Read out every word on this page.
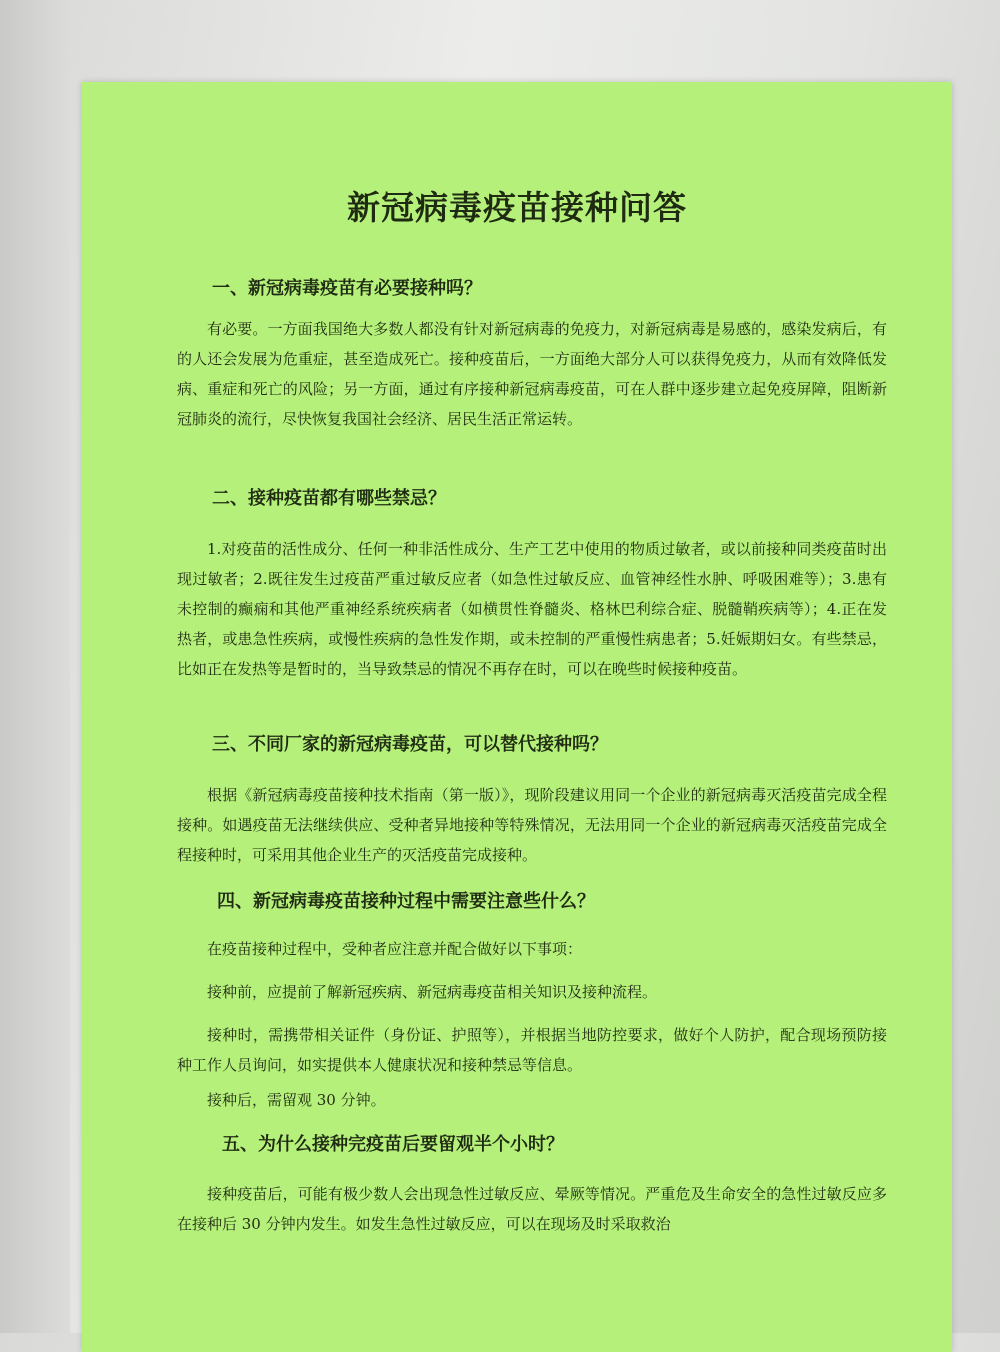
新冠病毒疫苗接种问答
一、新冠病毒疫苗有必要接种吗？

有必要。一方面我国绝大多数人都没有针对新冠病毒的免疫力，对新冠病毒是易感的，感染发病后，有的人还会发展为危重症，甚至造成死亡。接种疫苗后，一方面绝大部分人可以获得免疫力，从而有效降低发病、重症和死亡的风险；另一方面，通过有序接种新冠病毒疫苗，可在人群中逐步建立起免疫屏障，阻断新冠肺炎的流行，尽快恢复我国社会经济、居民生活正常运转。

二、接种疫苗都有哪些禁忌？

1.对疫苗的活性成分、任何一种非活性成分、生产工艺中使用的物质过敏者，或以前接种同类疫苗时出现过敏者；2.既往发生过疫苗严重过敏反应者（如急性过敏反应、血管神经性水肿、呼吸困难等）；3.患有未控制的癫痫和其他严重神经系统疾病者（如横贯性脊髓炎、格林巴利综合症、脱髓鞘疾病等）；4.正在发热者，或患急性疾病，或慢性疾病的急性发作期，或未控制的严重慢性病患者；5.妊娠期妇女。有些禁忌，比如正在发热等是暂时的，当导致禁忌的情况不再存在时，可以在晚些时候接种疫苗。

三、不同厂家的新冠病毒疫苗，可以替代接种吗？

根据《新冠病毒疫苗接种技术指南（第一版）》，现阶段建议用同一个企业的新冠病毒灭活疫苗完成全程接种。如遇疫苗无法继续供应、受种者异地接种等特殊情况，无法用同一个企业的新冠病毒灭活疫苗完成全程接种时，可采用其他企业生产的灭活疫苗完成接种。

四、新冠病毒疫苗接种过程中需要注意些什么？

在疫苗接种过程中，受种者应注意并配合做好以下事项：

接种前，应提前了解新冠疾病、新冠病毒疫苗相关知识及接种流程。

接种时，需携带相关证件（身份证、护照等），并根据当地防控要求，做好个人防护，配合现场预防接种工作人员询问，如实提供本人健康状况和接种禁忌等信息。

接种后，需留观 30 分钟。

五、为什么接种完疫苗后要留观半个小时？

接种疫苗后，可能有极少数人会出现急性过敏反应、晕厥等情况。严重危及生命安全的急性过敏反应多在接种后 30 分钟内发生。如发生急性过敏反应，可以在现场及时采取救治
